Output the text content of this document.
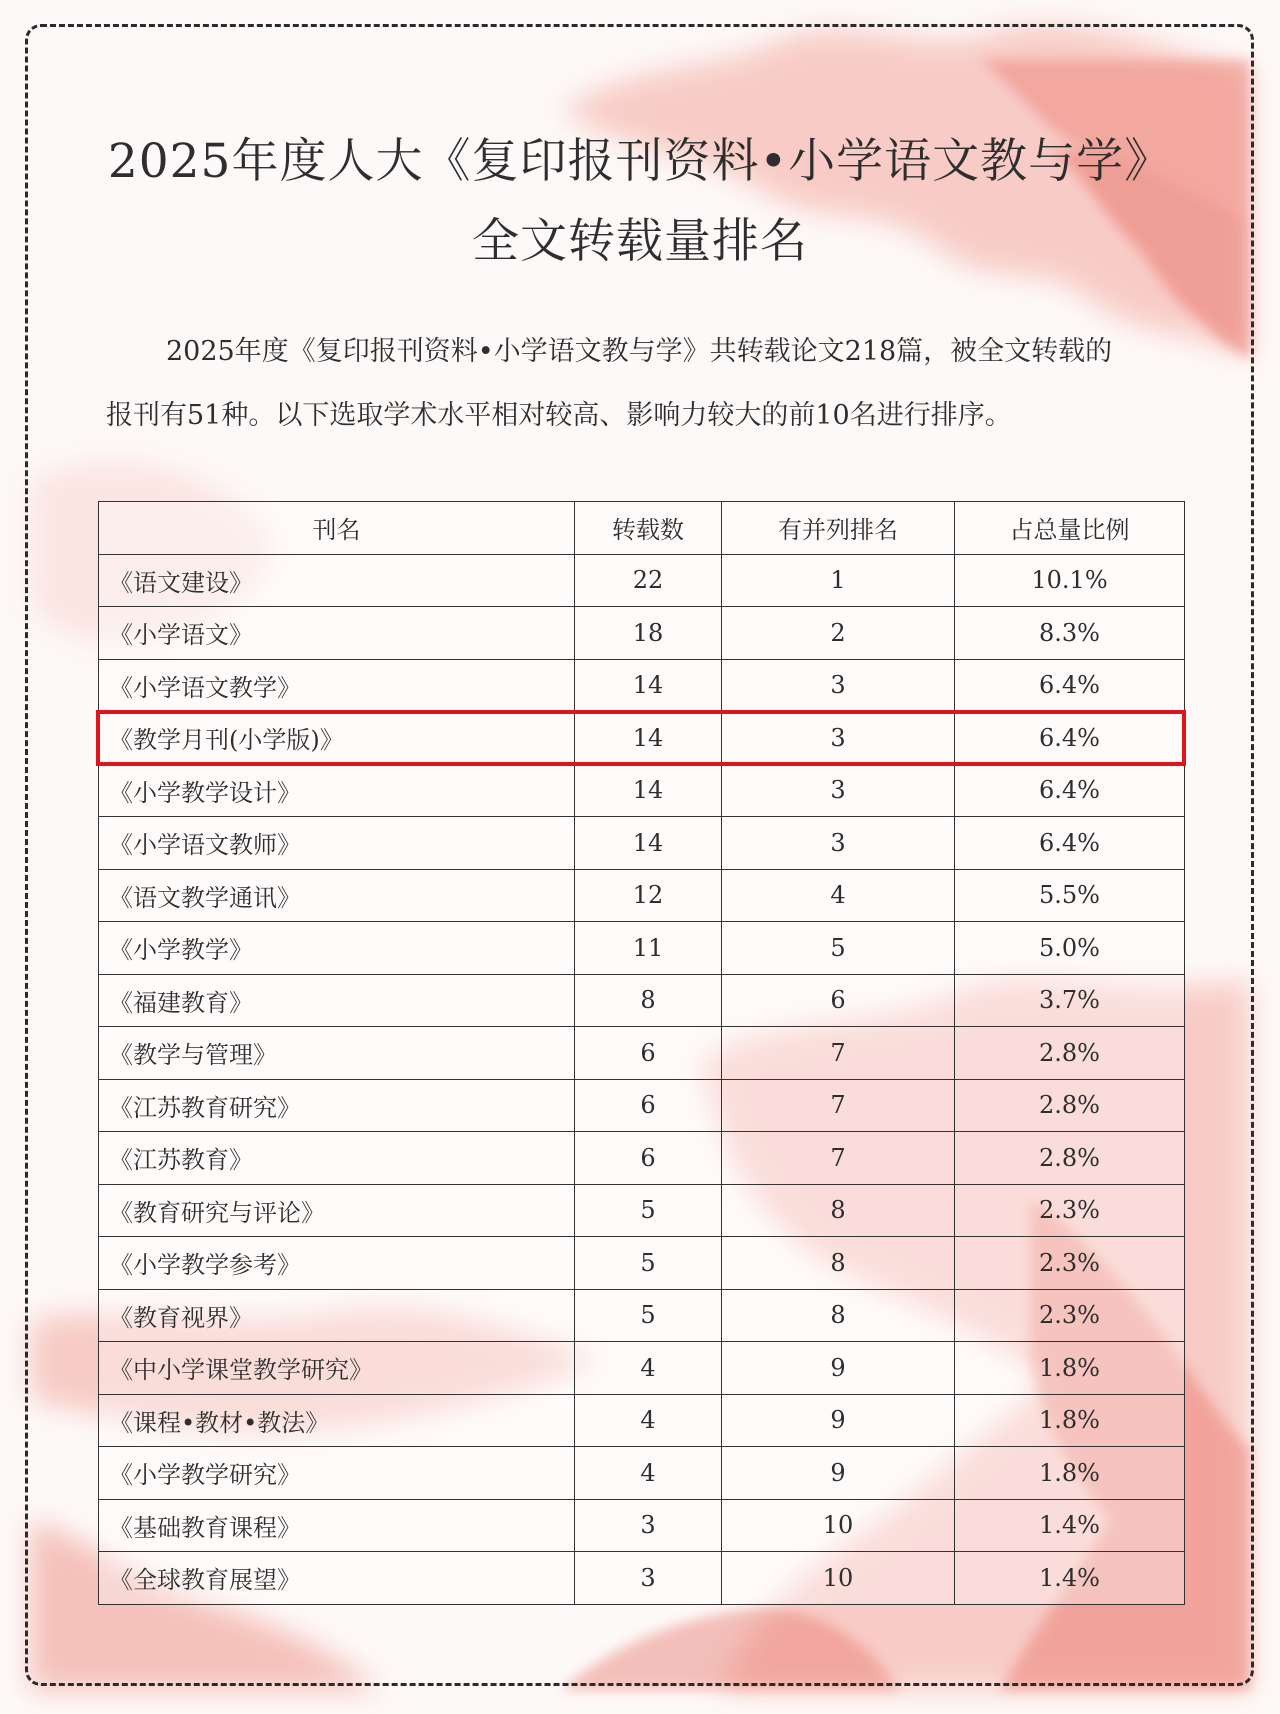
2025年度人大《复印报刊资料•小学语文教与学》
全文转载量排名
2025年度《复印报刊资料•小学语文教与学》共转载论文218篇，被全文转载的
报刊有51种。以下选取学术水平相对较高、影响力较大的前10名进行排序。
刊名	转载数	有并列排名	占总量比例
《语文建设》	22	1	10.1%
《小学语文》	18	2	8.3%
《小学语文教学》	14	3	6.4%
《教学月刊(小学版)》	14	3	6.4%
《小学教学设计》	14	3	6.4%
《小学语文教师》	14	3	6.4%
《语文教学通讯》	12	4	5.5%
《小学教学》	11	5	5.0%
《福建教育》	8	6	3.7%
《教学与管理》	6	7	2.8%
《江苏教育研究》	6	7	2.8%
《江苏教育》	6	7	2.8%
《教育研究与评论》	5	8	2.3%
《小学教学参考》	5	8	2.3%
《教育视界》	5	8	2.3%
《中小学课堂教学研究》	4	9	1.8%
《课程•教材•教法》	4	9	1.8%
《小学教学研究》	4	9	1.8%
《基础教育课程》	3	10	1.4%
《全球教育展望》	3	10	1.4%
